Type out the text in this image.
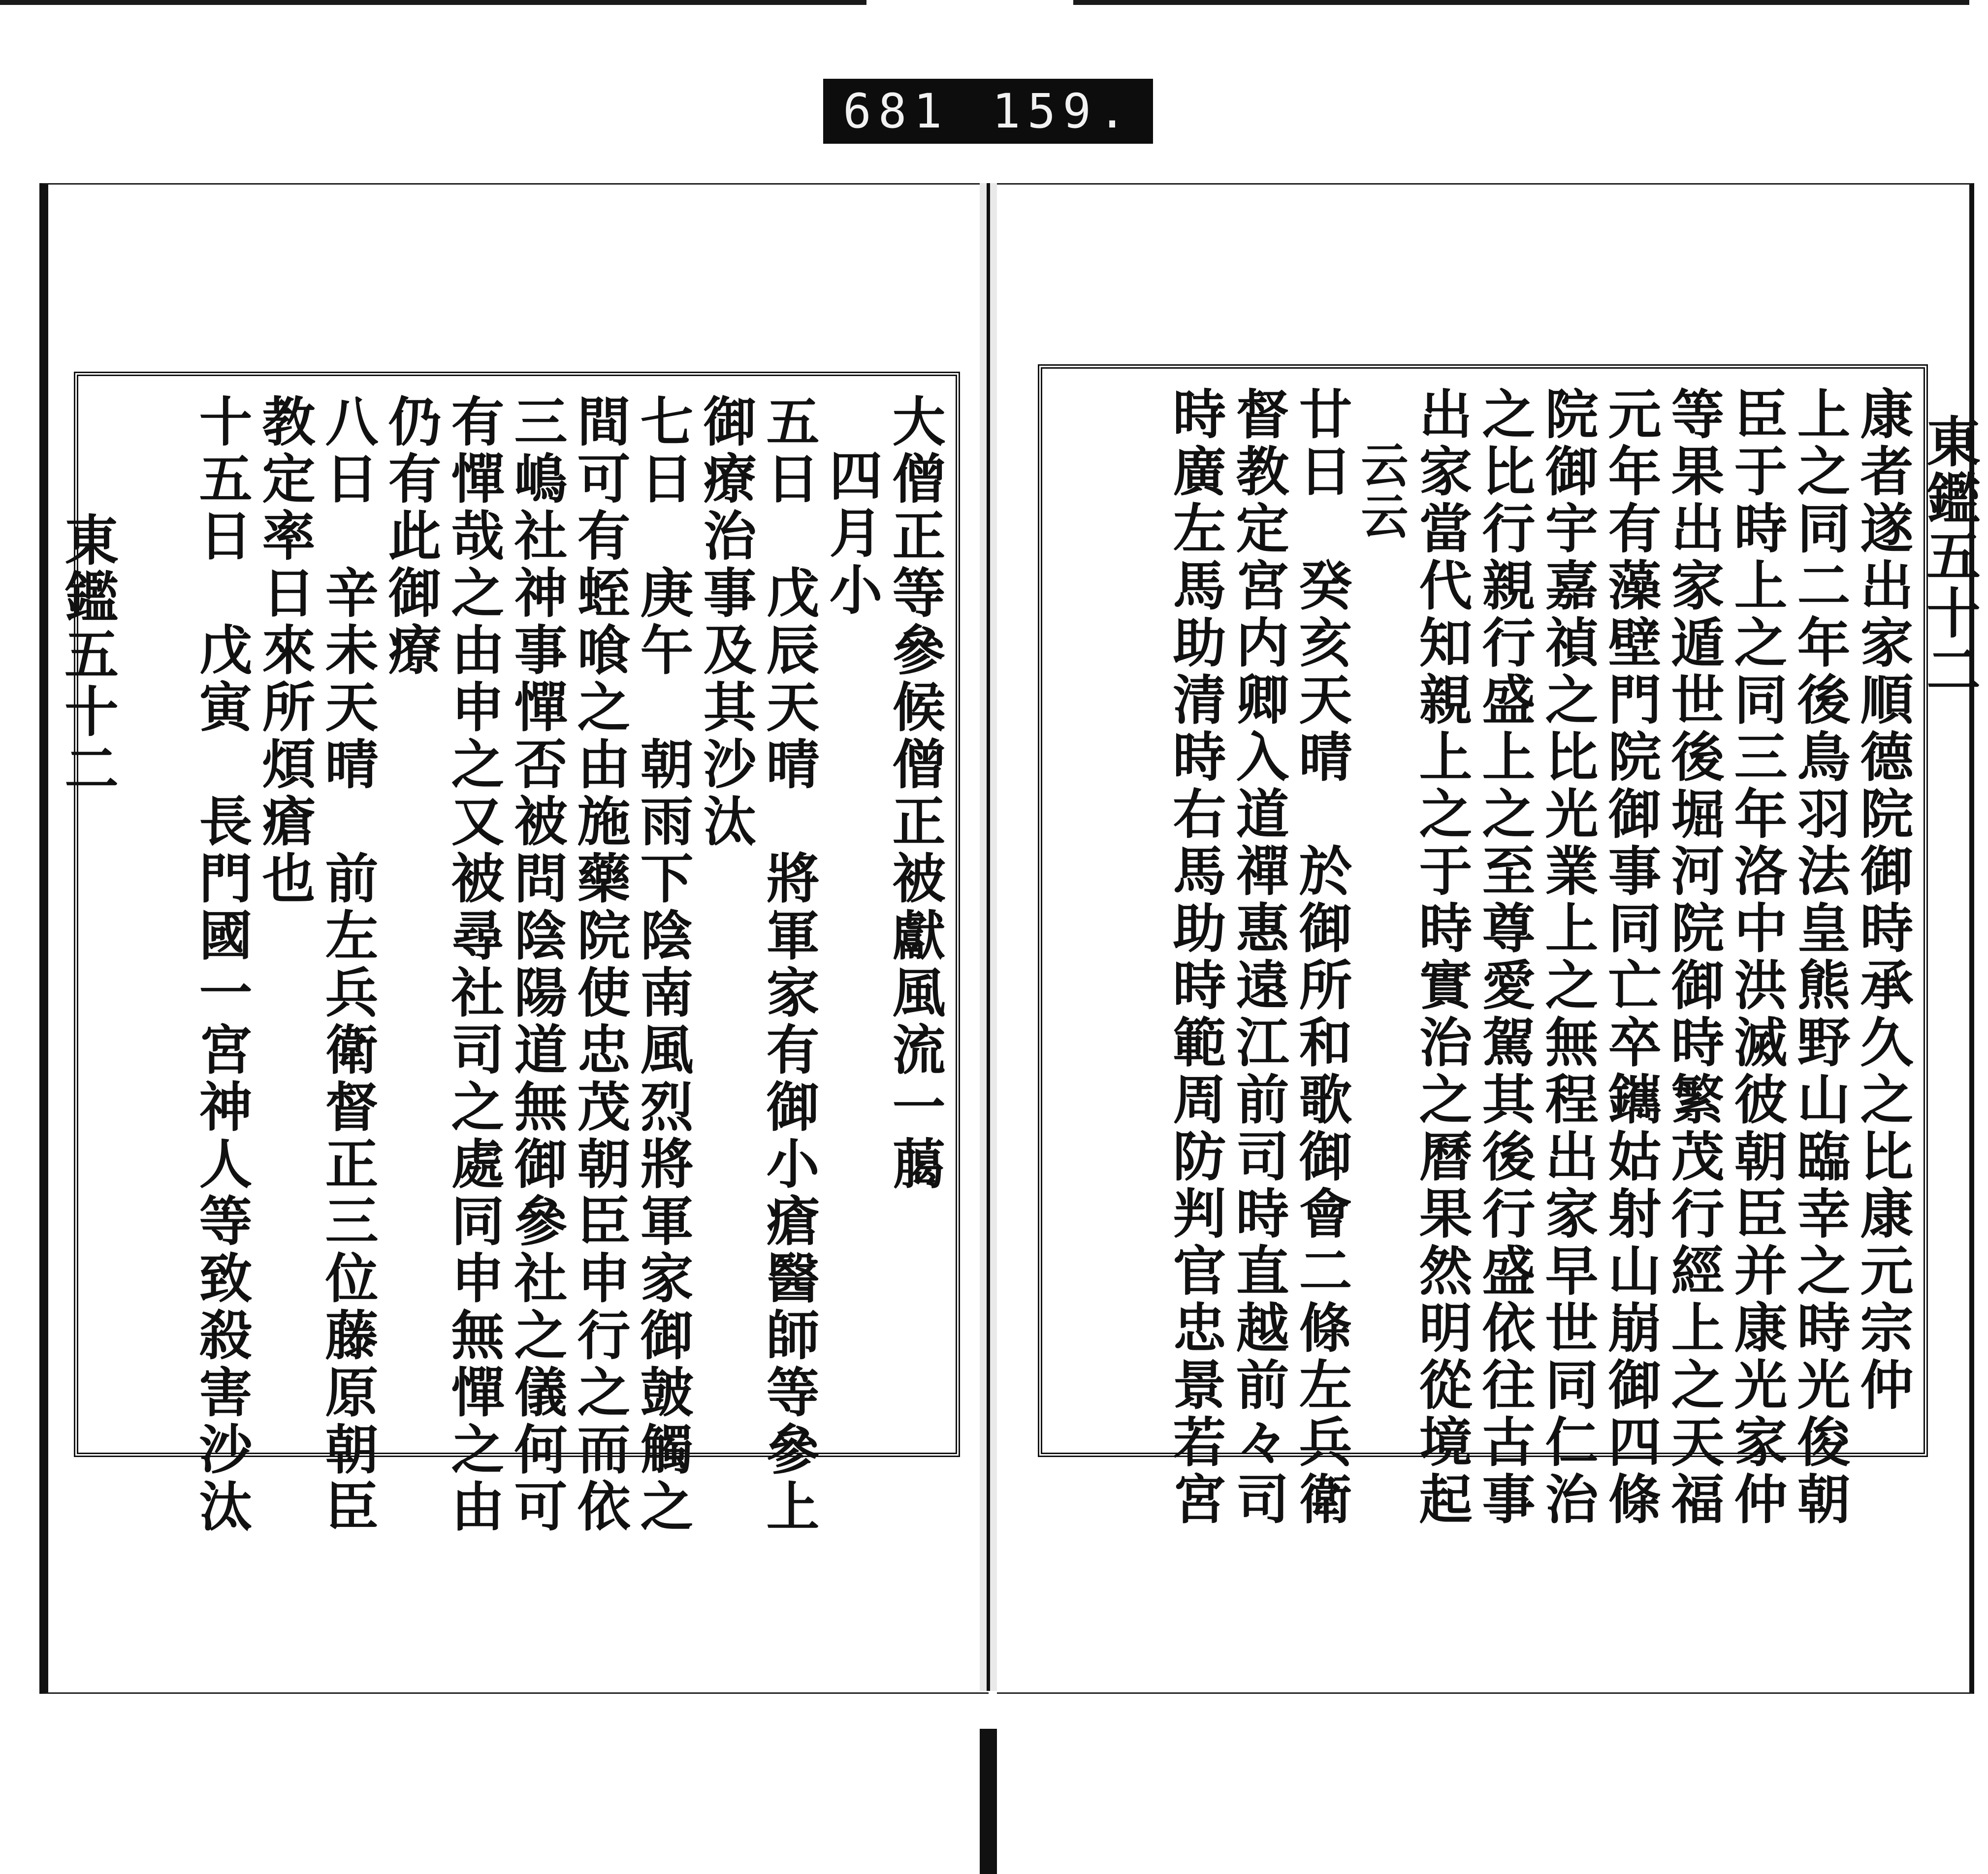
681 159.
東鑑五十二	東鑑五十二
大僧正等參候僧正被獻風流一﨟
四月小
五日　戊辰天晴　將軍家有御小瘡醫師等參上
御療治事及其沙汰
七日　庚午　朝雨下陰南風烈將軍家御皷觸之
間可有蛭喰之由施藥院使忠茂朝臣申行之而依
三嶋社神事憚否被問陰陽道無御參社之儀何可
有憚哉之由申之又被尋社司之處同申無憚之由
仍有此御療
八日　辛未天晴　前左兵衛督正三位藤原朝臣
教定率日來所煩瘡也
十五日　戊寅　長門國一宮神人等致殺害沙汰	康者遂出家順德院御時承久之比康元宗仲
上之同二年後鳥羽法皇熊野山臨幸之時光俊朝
臣于時上之同三年洛中洪滅彼朝臣并康光家仲
等果出家遁世後堀河院御時繁茂行經上之天福
元年有藻壁門院御事同亡卒䥴姑射山崩御四條
院御宇嘉禎之比光業上之無程出家早世同仁治
之比行親行盛上之至尊愛駕其後行盛依往古事
出家當代知親上之于時實治之曆果然明從境起
云云
廿日　癸亥天晴　於御所和歌御會二條左兵衛
督教定宮内卿入道禪惠遠江前司時直越前々司
時廣左馬助清時右馬助時範周防判官忠景若宮
